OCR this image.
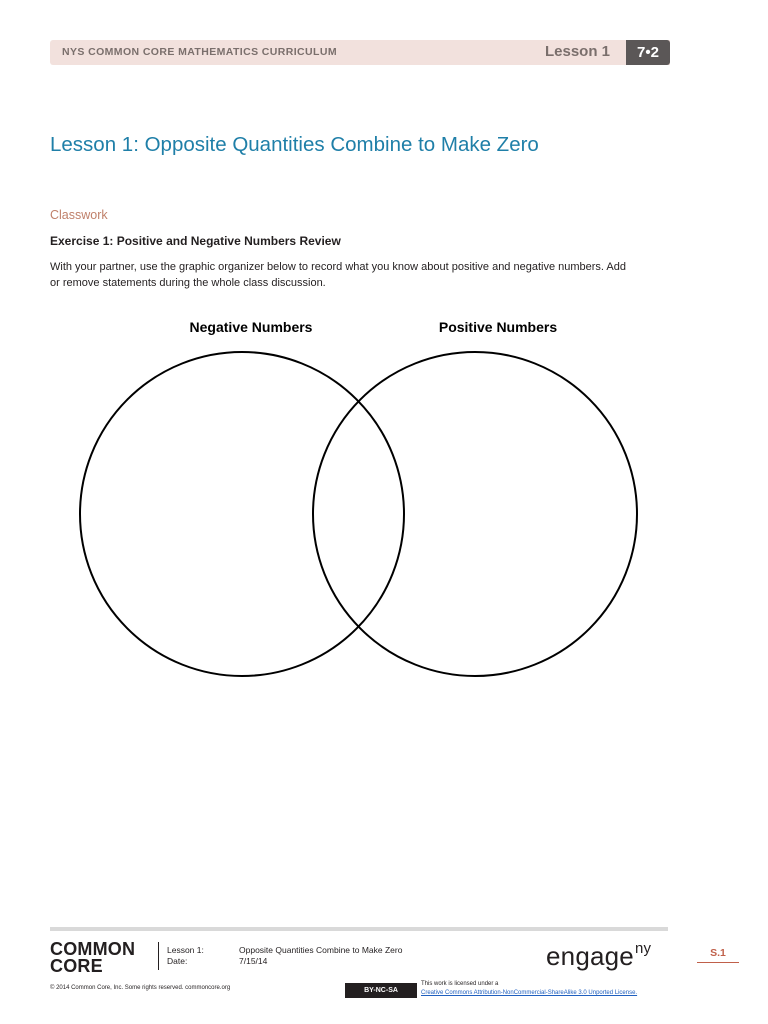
NYS COMMON CORE MATHEMATICS CURRICULUM	Lesson 1	7•2
Lesson 1: Opposite Quantities Combine to Make Zero
Classwork
Exercise 1: Positive and Negative Numbers Review
With your partner, use the graphic organizer below to record what you know about positive and negative numbers. Add
or remove statements during the whole class discussion.
Negative Numbers	Positive Numbers
COMMON
CORE
Lesson 1:	Opposite Quantities Combine to Make Zero
Date:	7/15/14	engage$^{ny}$	S.1
© 2014 Common Core, Inc. Some rights reserved. commoncore.org	BY-NC-SA
This work is licensed under a
Creative Commons Attribution-NonCommercial-ShareAlike 3.0 Unported License.
